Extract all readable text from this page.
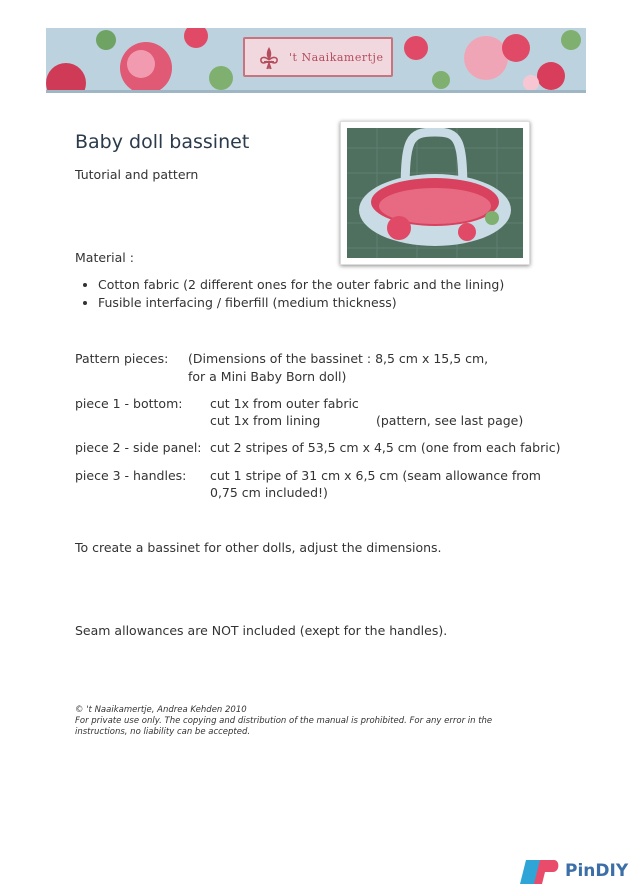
't Naaikamertje
Baby doll bassinet
Tutorial and pattern
Material :
• Cotton fabric (2 different ones for the outer fabric and the lining)
• Fusible interfacing / fiberfill (medium thickness)
Pattern pieces: (Dimensions of the bassinet : 8,5 cm x 15,5 cm,
for a Mini Baby Born doll)
piece 1 - bottom: cut 1x from outer fabric
cut 1x from lining	(pattern, see last page)
piece 2 - side panel: cut 2 stripes of 53,5 cm x 4,5 cm (one from each fabric)
piece 3 - handles: cut 1 stripe of 31 cm x 6,5 cm (seam allowance from
0,75 cm included!)
To create a bassinet for other dolls, adjust the dimensions.
Seam allowances are NOT included (exept for the handles).
© 't Naaikamertje, Andrea Kehden 2010
For private use only. The copying and distribution of the manual is prohibited. For any error in the
instructions, no liability can be accepted.
PinDIY
